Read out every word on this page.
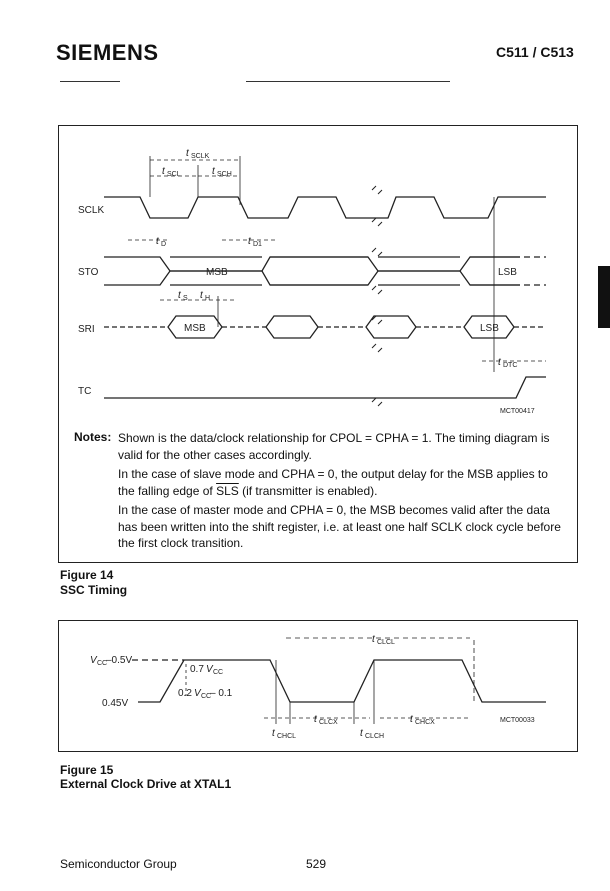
SIEMENS	C511 / C513
SCLK
STO
SRI
TC
t SCLK
t SCL	t SCH
t D	t D1
t S t H
t DTC
MSB	LSB
MSB	LSB
MCT00417
Notes: Shown is the data/clock relationship for CPOL = CPHA = 1. The timing diagram is valid for the other cases accordingly.
In the case of slave mode and CPHA = 0, the output delay for the MSB applies to the falling edge of $\overline{SLS}$ (if transmitter is enabled).
In the case of master mode and CPHA = 0, the MSB becomes valid after the data has been written into the shift register, i.e. at least one half SCLK clock cycle before the first clock transition.
Figure 14
SSC Timing
V CC
–0.5V
0.45V
0.7 V CC
0.2 V CC
– 0.1
t CLCL
t CLCX	t CHCX
t CHCL	t CLCH
MCT00033
Figure 15
External Clock Drive at XTAL1
Semiconductor Group	529
